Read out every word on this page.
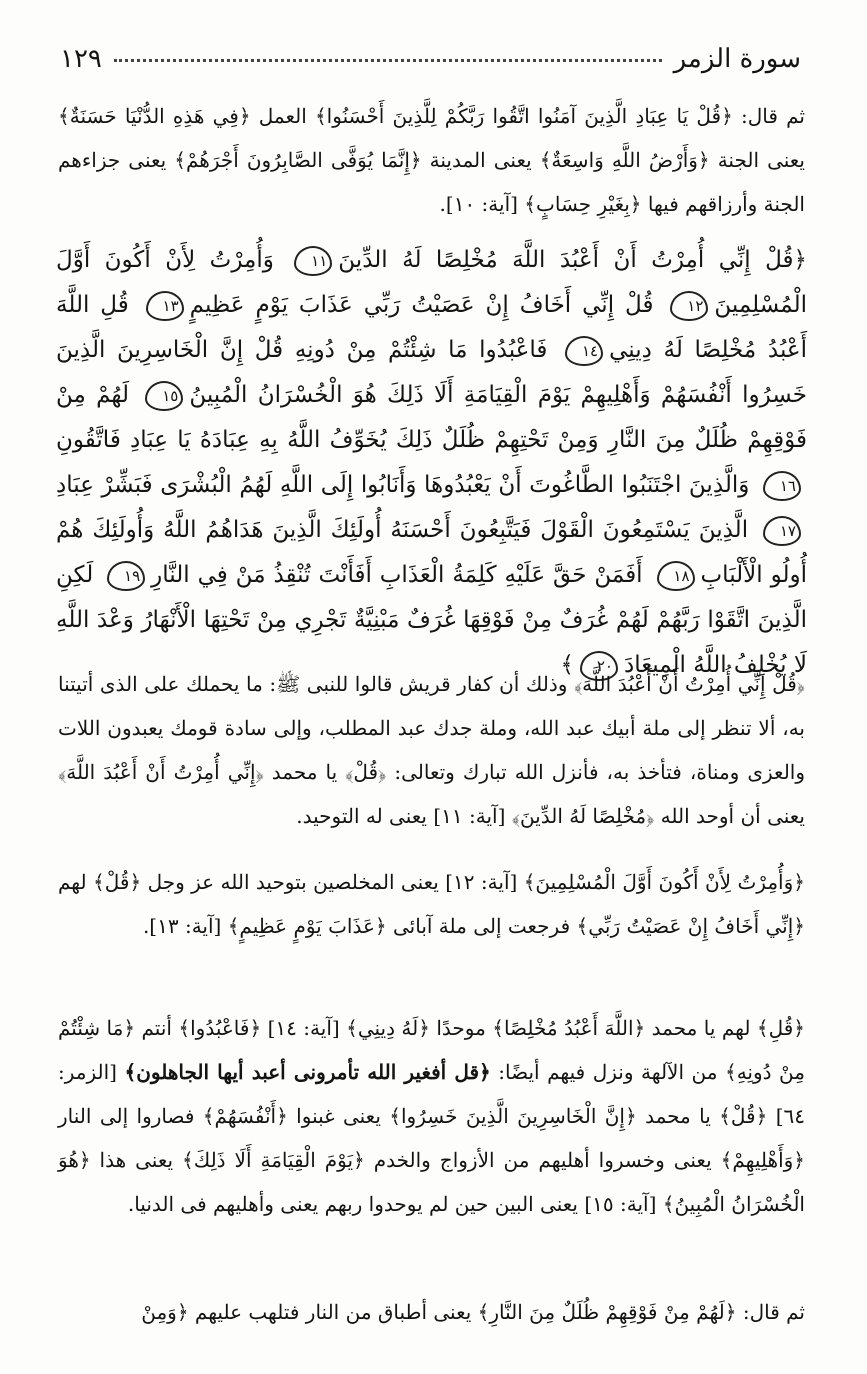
سورة الزمر
١٢٩

ثم قال: ﴿قُلْ يَا عِبَادِ الَّذِينَ آمَنُوا اتَّقُوا رَبَّكُمْ لِلَّذِينَ أَحْسَنُوا﴾ العمل ﴿فِي هَذِهِ الدُّنْيَا حَسَنَةٌ﴾ يعنى الجنة ﴿وَأَرْضُ اللَّهِ وَاسِعَةٌ﴾ يعنى المدينة ﴿إِنَّمَا يُوَفَّى الصَّابِرُونَ أَجْرَهُمْ﴾ يعنى جزاءهم الجنة وأرزاقهم فيها ﴿بِغَيْرِ حِسَابٍ﴾ [آية: ١٠].

﴿قُلْ إِنِّي أُمِرْتُ أَنْ أَعْبُدَ اللَّهَ مُخْلِصًا لَهُ الدِّينَ١١ وَأُمِرْتُ لِأَنْ أَكُونَ أَوَّلَ الْمُسْلِمِينَ١٢ قُلْ إِنِّي أَخَافُ إِنْ عَصَيْتُ رَبِّي عَذَابَ يَوْمٍ عَظِيمٍ١٣ قُلِ اللَّهَ أَعْبُدُ مُخْلِصًا لَهُ دِينِي١٤ فَاعْبُدُوا مَا شِئْتُمْ مِنْ دُونِهِ قُلْ إِنَّ الْخَاسِرِينَ الَّذِينَ خَسِرُوا أَنْفُسَهُمْ وَأَهْلِيهِمْ يَوْمَ الْقِيَامَةِ أَلَا ذَلِكَ هُوَ الْخُسْرَانُ الْمُبِينُ١٥ لَهُمْ مِنْ فَوْقِهِمْ ظُلَلٌ مِنَ النَّارِ وَمِنْ تَحْتِهِمْ ظُلَلٌ ذَلِكَ يُخَوِّفُ اللَّهُ بِهِ عِبَادَهُ يَا عِبَادِ فَاتَّقُونِ١٦ وَالَّذِينَ اجْتَنَبُوا الطَّاغُوتَ أَنْ يَعْبُدُوهَا وَأَنَابُوا إِلَى اللَّهِ لَهُمُ الْبُشْرَى فَبَشِّرْ عِبَادِ١٧ الَّذِينَ يَسْتَمِعُونَ الْقَوْلَ فَيَتَّبِعُونَ أَحْسَنَهُ أُولَئِكَ الَّذِينَ هَدَاهُمُ اللَّهُ وَأُولَئِكَ هُمْ أُولُو الْأَلْبَابِ١٨ أَفَمَنْ حَقَّ عَلَيْهِ كَلِمَةُ الْعَذَابِ أَفَأَنْتَ تُنْقِذُ مَنْ فِي النَّارِ١٩ لَكِنِ الَّذِينَ اتَّقَوْا رَبَّهُمْ لَهُمْ غُرَفٌ مِنْ فَوْقِهَا غُرَفٌ مَبْنِيَّةٌ تَجْرِي مِنْ تَحْتِهَا الْأَنْهَارُ وَعْدَ اللَّهِ لَا يُخْلِفُ اللَّهُ الْمِيعَادَ٢٠﴾

﴿قُلْ إِنِّي أُمِرْتُ أَنْ أَعْبُدَ اللَّهَ﴾ وذلك أن كفار قريش قالوا للنبى ﷺ: ما يحملك على الذى أتيتنا به، ألا تنظر إلى ملة أبيك عبد الله، وملة جدك عبد المطلب، وإلى سادة قومك يعبدون اللات والعزى ومناة، فتأخذ به، فأنزل الله تبارك وتعالى: ﴿قُلْ﴾ يا محمد ﴿إِنِّي أُمِرْتُ أَنْ أَعْبُدَ اللَّهَ﴾ يعنى أن أوحد الله ﴿مُخْلِصًا لَهُ الدِّينَ﴾ [آية: ١١] يعنى له التوحيد.

﴿وَأُمِرْتُ لِأَنْ أَكُونَ أَوَّلَ الْمُسْلِمِينَ﴾ [آية: ١٢] يعنى المخلصين بتوحيد الله عز وجل ﴿قُلْ﴾ لهم ﴿إِنِّي أَخَافُ إِنْ عَصَيْتُ رَبِّي﴾ فرجعت إلى ملة آبائى ﴿عَذَابَ يَوْمٍ عَظِيمٍ﴾ [آية: ١٣].

﴿قُلِ﴾ لهم يا محمد ﴿اللَّهَ أَعْبُدُ مُخْلِصًا﴾ موحدًا ﴿لَهُ دِينِي﴾ [آية: ١٤] ﴿فَاعْبُدُوا﴾ أنتم ﴿مَا شِئْتُمْ مِنْ دُونِهِ﴾ من الآلهة ونزل فيهم أيضًا: ﴿قل أفغير الله تأمرونى أعبد أيها الجاهلون﴾ [الزمر: ٦٤] ﴿قُلْ﴾ يا محمد ﴿إِنَّ الْخَاسِرِينَ الَّذِينَ خَسِرُوا﴾ يعنى غبنوا ﴿أَنْفُسَهُمْ﴾ فصاروا إلى النار ﴿وَأَهْلِيهِمْ﴾ يعنى وخسروا أهليهم من الأزواج والخدم ﴿يَوْمَ الْقِيَامَةِ أَلَا ذَلِكَ﴾ يعنى هذا ﴿هُوَ الْخُسْرَانُ الْمُبِينُ﴾ [آية: ١٥] يعنى البين حين لم يوحدوا ربهم يعنى وأهليهم فى الدنيا.

ثم قال: ﴿لَهُمْ مِنْ فَوْقِهِمْ ظُلَلٌ مِنَ النَّارِ﴾ يعنى أطباق من النار فتلهب عليهم ﴿وَمِنْ
